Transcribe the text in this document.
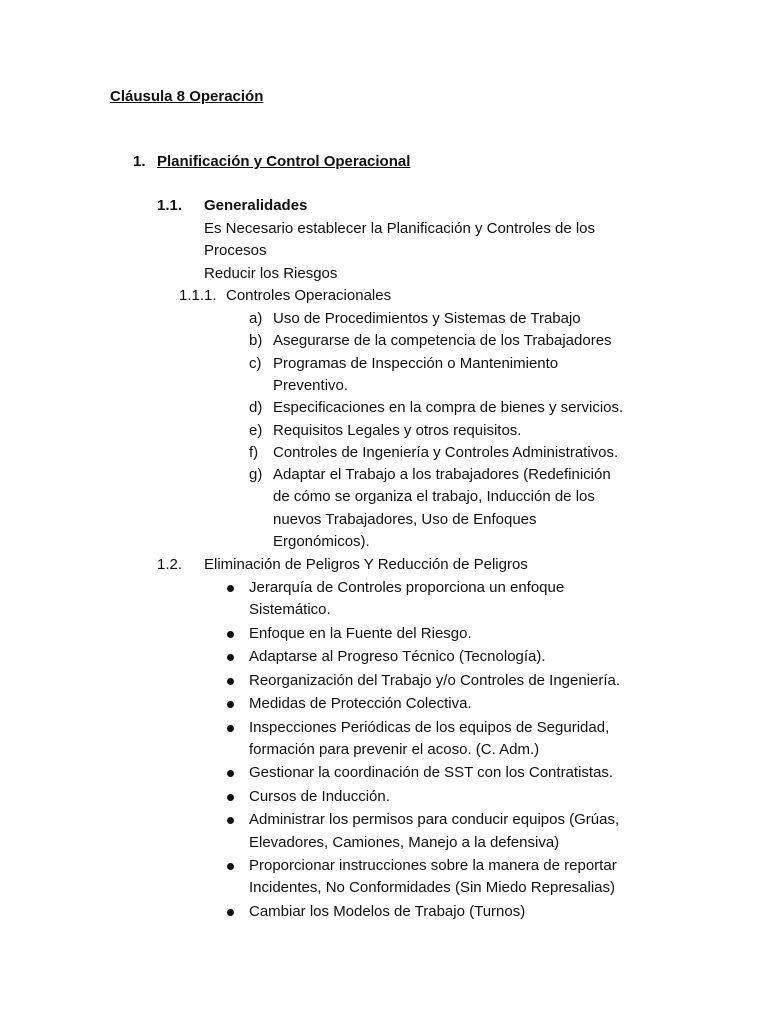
Cláusula 8 Operación
1. Planificación y Control Operacional
1.1. Generalidades
Es Necesario establecer la Planificación y Controles de los
Procesos
Reducir los Riesgos
1.1.1. Controles Operacionales
a) Uso de Procedimientos y Sistemas de Trabajo
b) Asegurarse de la competencia de los Trabajadores
c) Programas de Inspección o Mantenimiento
Preventivo.
d) Especificaciones en la compra de bienes y servicios.
e) Requisitos Legales y otros requisitos.
f) Controles de Ingeniería y Controles Administrativos.
g) Adaptar el Trabajo a los trabajadores (Redefinición
de cómo se organiza el trabajo, Inducción de los
nuevos Trabajadores, Uso de Enfoques
Ergonómicos).
1.2. Eliminación de Peligros Y Reducción de Peligros
Jerarquía de Controles proporciona un enfoque
Sistemático.
Enfoque en la Fuente del Riesgo.
Adaptarse al Progreso Técnico (Tecnología).
Reorganización del Trabajo y/o Controles de Ingeniería.
Medidas de Protección Colectiva.
Inspecciones Periódicas de los equipos de Seguridad,
formación para prevenir el acoso. (C. Adm.)
Gestionar la coordinación de SST con los Contratistas.
Cursos de Inducción.
Administrar los permisos para conducir equipos (Grúas,
Elevadores, Camiones, Manejo a la defensiva)
Proporcionar instrucciones sobre la manera de reportar
Incidentes, No Conformidades (Sin Miedo Represalias)
Cambiar los Modelos de Trabajo (Turnos)
